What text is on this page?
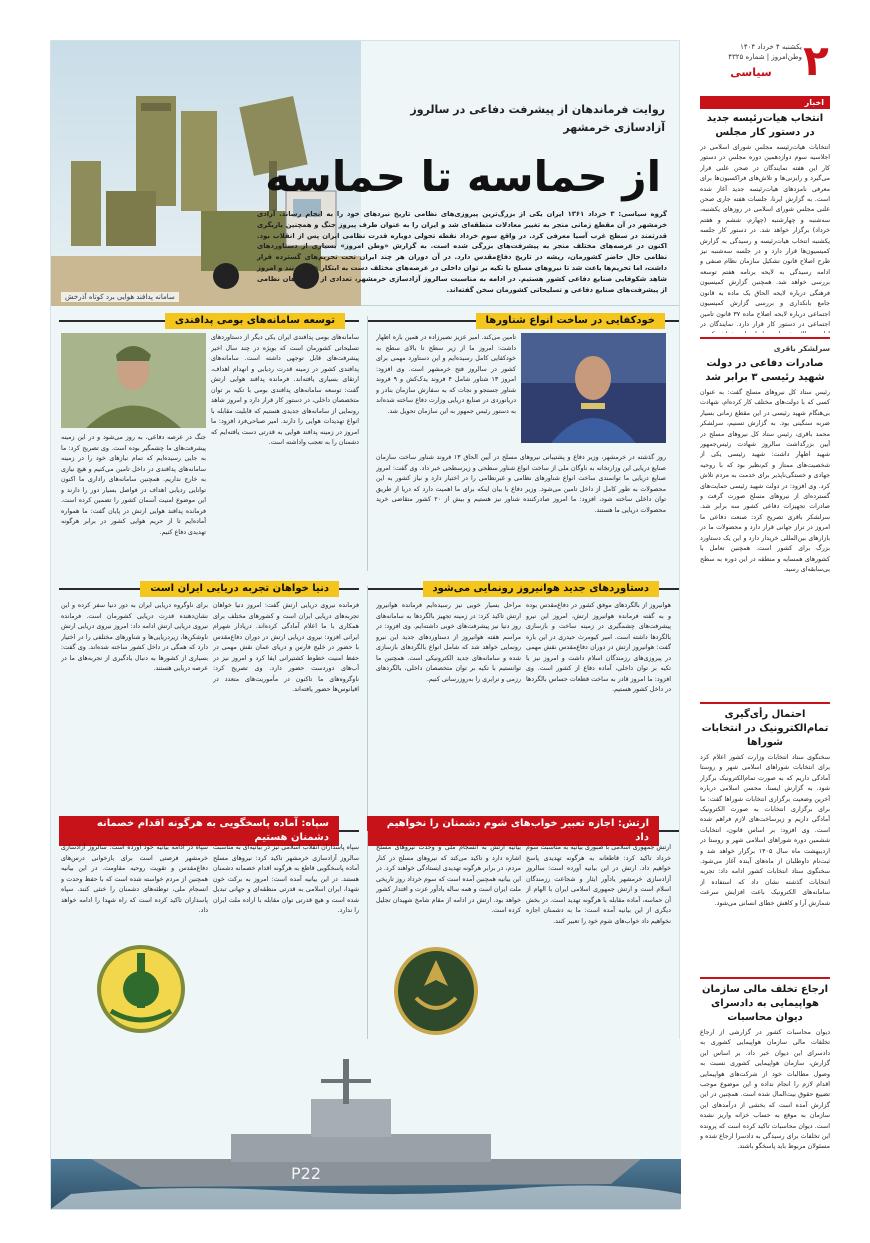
۲
یکشنبه ۴ خرداد ۱۴۰۴
وطن‌امروز | شماره ۴۳۲۵
سیاسی
اخبار
انتخاب هیات‌رئیسه جدید در دستور کار مجلس

انتخابات هیات‌رئیسه مجلس شورای اسلامی در اجلاسیه سوم دوازدهمین دوره مجلس در دستور کار این هفته نمایندگان در صحن علنی قرار می‌گیرد و رایزنی‌ها و تلاش‌های فراکسیون‌ها برای معرفی نامزدهای هیات‌رئیسه جدید آغاز شده است. به گزارش ایرنا، جلسات هفته جاری صحن علنی مجلس شورای اسلامی در روزهای یکشنبه، سه‌شنبه و چهارشنبه (چهارم، ششم و هفتم خرداد) برگزار خواهد شد. در دستور کار جلسه یکشنبه انتخاب هیات‌رئیسه و رسیدگی به گزارش کمیسیون‌ها قرار دارد و در جلسه سه‌شنبه نیز طرح اصلاح قانون تشکیل سازمان نظام صنفی و ادامه رسیدگی به لایحه برنامه هفتم توسعه بررسی خواهد شد. همچنین گزارش کمیسیون فرهنگی درباره لایحه الحاق یک ماده به قانون جامع بانکداری و بررسی گزارش کمیسیون اجتماعی درباره لایحه اصلاح ماده ۳۷ قانون تامین اجتماعی در دستور کار قرار دارد. نمایندگان در

سرلشکر باقری
صادرات دفاعی در دولت شهید رئیسی ۳ برابر شد

رئیس ستاد کل نیروهای مسلح گفت: به عنوان کسی که با دولت‌های مختلف کار کرده‌ام، شهادت بی‌هنگام شهید رئیسی در این مقطع زمانی بسیار ضربه سنگینی بود. به گزارش تسنیم، سرلشکر محمد باقری، رئیس ستاد کل نیروهای مسلح در آیین بزرگداشت سالروز شهادت رئیس‌جمهور شهید اظهار داشت: شهید رئیسی یکی از شخصیت‌های ممتاز و کم‌نظیر بود که با روحیه جهادی و خستگی‌ناپذیر برای خدمت به مردم تلاش کرد. وی افزود: در دولت شهید رئیسی حمایت‌های گسترده‌ای از نیروهای مسلح صورت گرفت و صادرات تجهیزات دفاعی کشور سه برابر شد. سرلشکر باقری تصریح کرد: صنعت دفاعی ما امروز در تراز جهانی قرار دارد و محصولات ما در بازارهای بین‌المللی خریدار دارد و این یک دستاورد بزرگ برای کشور است. همچنین تعامل با کشورهای همسایه و منطقه در این دوره به سطح بی‌سابقه‌ای رسید.

احتمال رأی‌گیری تمام‌الکترونیک در انتخابات شوراها

سخنگوی ستاد انتخابات وزارت کشور اعلام کرد برای انتخابات شوراهای اسلامی شهر و روستا آمادگی داریم که به صورت تمام‌الکترونیک برگزار شود. به گزارش ایسنا، محسن اسلامی درباره آخرین وضعیت برگزاری انتخابات شوراها گفت: ما برای برگزاری انتخابات به صورت الکترونیک آمادگی داریم و زیرساخت‌های لازم فراهم شده است. وی افزود: بر اساس قانون، انتخابات ششمین دوره شوراهای اسلامی شهر و روستا در اردیبهشت ماه سال ۱۴۰۵ برگزار خواهد شد و ثبت‌نام داوطلبان از ماه‌های آینده آغاز می‌شود. سخنگوی ستاد انتخابات کشور ادامه داد: تجربه انتخابات گذشته نشان داد که استفاده از سامانه‌های الکترونیک باعث افزایش سرعت شمارش آرا و کاهش خطای انسانی می‌شود.

ارجاع تخلف مالی سازمان هواپیمایی به دادسرای دیوان محاسبات

دیوان محاسبات کشور در گزارشی از ارجاع تخلفات مالی سازمان هواپیمایی کشوری به دادسرای این دیوان خبر داد. بر اساس این گزارش، سازمان هواپیمایی کشوری نسبت به وصول مطالبات خود از شرکت‌های هواپیمایی اقدام لازم را انجام نداده و این موضوع موجب تضییع حقوق بیت‌المال شده است. همچنین در این گزارش آمده است که بخشی از درآمدهای این سازمان به موقع به حساب خزانه واریز نشده است. دیوان محاسبات تاکید کرده است که پرونده این تخلفات برای رسیدگی به دادسرا ارجاع شده و مسئولان مربوط باید پاسخگو باشند.

سامانه پدافند هوایی برد کوتاه آذرخش
روایت فرماندهان از پیشرفت دفاعی در سالروز آزادسازی خرمشهر
از حماسه تا حماسه

گروه سیاسی: ۳ خرداد ۱۳۶۱ ایران یکی از بزرگ‌ترین پیروزی‌های نظامی تاریخ نبردهای خود را به انجام رساند. آزادی خرمشهر در آن مقطع زمانی منجر به تغییر معادلات منطقه‌ای شد و ایران را به عنوان طرف پیروز جنگ و همچنین بازیگری قدرتمند در سطح غرب آسیا معرفی کرد. در واقع سوم خرداد نقطه تحولی دوباره قدرت نظامی ایران پس از انقلاب بود. اکنون در عرصه‌های مختلف منجر به پیشرفت‌های بزرگی شده است. به گزارش «وطن امروز» بسیاری از دستاوردهای نظامی حال حاضر کشورمان، ریشه در تاریخ دفاع‌مقدس دارد. در آن دوران هر چند ایران تحت تحریم‌های گسترده قرار داشت، اما تحریم‌ها باعث شد تا نیروهای مسلح با تکیه بر توان داخلی در عرصه‌های مختلف دست به ابتکار عمل بزنند و امروز شاهد شکوفایی صنایع دفاعی کشور هستیم. در ادامه به مناسبت سالروز آزادسازی خرمشهر، تعدادی از فرماندهان نظامی از پیشرفت‌های صنایع دفاعی و تسلیحاتی کشورمان سخن گفته‌اند.

خودکفایی در ساخت انواع شناورها
توسعه سامانه‌های بومی پدافندی
تامین می‌کند. امیر عزیز نصیرزاده در همین باره اظهار داشت: امروز ما از زیر سطح تا بالای سطح به خودکفایی کامل رسیده‌ایم و این دستاورد مهمی برای کشور در سالروز فتح خرمشهر است. وی افزود: امروز ۱۳ شناور شامل ۴ فروند یدک‌کش و ۹ فروند شناور جستجو و نجات که به سفارش سازمان بنادر و دریانوردی در صنایع دریایی وزارت دفاع ساخته شده‌اند به دستور رئیس جمهور به این سازمان تحویل شد.
روز گذشته در خرمشهر، وزیر دفاع و پشتیبانی نیروهای مسلح در آیین الحاق ۱۳ فروند شناور ساخت سازمان صنایع دریایی این وزارتخانه به ناوگان ملی از ساخت انواع شناور سطحی و زیرسطحی خبر داد. وی گفت: امروز صنایع دریایی ما توانمندی ساخت انواع شناورهای نظامی و غیرنظامی را در اختیار دارد و نیاز کشور به این محصولات به طور کامل از داخل تامین می‌شود. وزیر دفاع با بیان اینکه برای ما اهمیت دارد که دریا از طریق توان داخلی ساخته شود، افزود: ما امروز صادرکننده شناور نیز هستیم و بیش از ۲۰ کشور متقاضی خرید محصولات دریایی ما هستند.
سامانه‌های بومی پدافندی ایران یکی دیگر از دستاوردهای تسلیحاتی کشورمان است که بویژه در چند سال اخیر پیشرفت‌های قابل توجهی داشته است. سامانه‌های پدافندی کشور در زمینه قدرت ردیابی و انهدام اهداف، ارتقای بسیاری یافته‌اند. فرمانده پدافند هوایی ارتش گفت: توسعه سامانه‌های پدافندی بومی با تکیه بر توان متخصصان داخلی، در دستور کار قرار دارد و امروز شاهد رونمایی از سامانه‌های جدیدی هستیم که قابلیت مقابله با انواع تهدیدات هوایی را دارند. امیر صباحی‌فرد افزود: ما امروز در زمینه پدافند هوایی به قدرتی دست یافته‌ایم که دشمنان را به تعجب واداشته است.
جنگ در عرصه دفاعی، به روز می‌شود و در این زمینه پیشرفت‌های ما چشمگیر بوده است. وی تصریح کرد: ما به جایی رسیده‌ایم که تمام نیازهای خود را در زمینه سامانه‌های پدافندی در داخل تامین می‌کنیم و هیچ نیازی به خارج نداریم. همچنین سامانه‌های راداری ما اکنون توانایی ردیابی اهداف در فواصل بسیار دور را دارند و این موضوع امنیت آسمان کشور را تضمین کرده است. فرمانده پدافند هوایی ارتش در پایان گفت: ما همواره آماده‌ایم تا از حریم هوایی کشور در برابر هرگونه تهدیدی دفاع کنیم.
دستاوردهای جدید هوانیروز رونمایی می‌شود
دنیا خواهان تجربه دریایی ایران است
هوانیروز از بالگردهای موفق کشور در دفاع‌مقدس بوده و به گفته فرمانده هوانیروز ارتش، امروز این نیرو پیشرفت‌های چشمگیری در زمینه ساخت و بازسازی بالگردها داشته است. امیر کیومرث حیدری در این باره گفت: هوانیروز ارتش در دوران دفاع‌مقدس نقش مهمی در پیروزی‌های رزمندگان اسلام داشت و امروز نیز با تکیه بر توان داخلی، آماده دفاع از کشور است. وی افزود: ما امروز قادر به ساخت قطعات حساس بالگردها در داخل کشور هستیم.
مراحل بسیار خوبی نیز رسیده‌ایم فرمانده هوانیروز ارتش تاکید کرد: در زمینه تجهیز بالگردها به سامانه‌های روز دنیا نیز پیشرفت‌های خوبی داشته‌ایم. وی افزود: در مراسم هفته هوانیروز از دستاوردهای جدید این نیرو رونمایی خواهد شد که شامل انواع بالگردهای بازسازی شده و سامانه‌های جدید الکترونیکی است. همچنین ما توانستیم با تکیه بر توان متخصصان داخلی، بالگردهای رزمی و ترابری را به‌روزرسانی کنیم.
فرمانده نیروی دریایی ارتش گفت: امروز دنیا خواهان تجربه‌های دریایی ایران است و کشورهای مختلف برای همکاری با ما اعلام آمادگی کرده‌اند. دریادار شهرام ایرانی افزود: نیروی دریایی ارتش در دوران دفاع‌مقدس با حضور در خلیج فارس و دریای عمان نقش مهمی در حفظ امنیت خطوط کشتیرانی ایفا کرد و امروز نیز در آب‌های دوردست حضور دارد. وی تصریح کرد: ناوگروه‌های ما تاکنون در مأموریت‌های متعدد در اقیانوس‌ها حضور یافته‌اند.
برای ناوگروه دریایی ایران به دور دنیا سفر کرده و این نشان‌دهنده قدرت دریایی کشورمان است. فرمانده نیروی دریایی ارتش ادامه داد: امروز نیروی دریایی ارتش ناوشکن‌ها، زیردریایی‌ها و شناورهای مختلفی را در اختیار دارد که همگی در داخل کشور ساخته شده‌اند. وی گفت: بسیاری از کشورها به دنبال یادگیری از تجربه‌های ما در عرصه دریایی هستند.
ارتش: اجازه تعبیر خواب‌های شوم دشمنان را نخواهیم داد
سپاه: آماده پاسخگویی به هرگونه اقدام خصمانه دشمنان هستیم
ارتش جمهوری اسلامی با صبوری بیانیه به مناسبت سوم خرداد تاکید کرد: قاطعانه به هرگونه تهدیدی پاسخ خواهیم داد. ارتش در این بیانیه آورده است: سالروز آزادسازی خرمشهر یادآور ایثار و شجاعت رزمندگان اسلام است و ارتش جمهوری اسلامی ایران با الهام از آن حماسه، آماده مقابله با هرگونه تهدید است. در بخش دیگری از این بیانیه آمده است: ما به دشمنان اجازه نخواهیم داد خواب‌های شوم خود را تعبیر کنند.
بیانیه ارتش به انسجام ملی و وحدت نیروهای مسلح اشاره دارد و تاکید می‌کند که نیروهای مسلح در کنار مردم، در برابر هرگونه تهدیدی ایستادگی خواهند کرد. در این بیانیه همچنین آمده است که سوم خرداد روز تاریخی ملت ایران است و همه ساله یادآور عزت و اقتدار کشور خواهد بود. ارتش در ادامه از مقام شامخ شهیدان تجلیل کرده است.
سپاه پاسداران انقلاب اسلامی نیز در بیانیه‌ای به مناسبت سالروز آزادسازی خرمشهر تاکید کرد: نیروهای مسلح آماده پاسخگویی قاطع به هرگونه اقدام خصمانه دشمنان هستند. در این بیانیه آمده است: امروز به برکت خون شهدا، ایران اسلامی به قدرتی منطقه‌ای و جهانی تبدیل شده است و هیچ قدرتی توان مقابله با اراده ملت ایران را ندارد.
سپاه در ادامه بیانیه خود آورده است: سالروز آزادسازی خرمشهر فرصتی است برای بازخوانی درس‌های دفاع‌مقدس و تقویت روحیه مقاومت. در این بیانیه همچنین از مردم خواسته شده است که با حفظ وحدت و انسجام ملی، توطئه‌های دشمنان را خنثی کنند. سپاه پاسداران تاکید کرده است که راه شهدا را ادامه خواهد داد.
P22
